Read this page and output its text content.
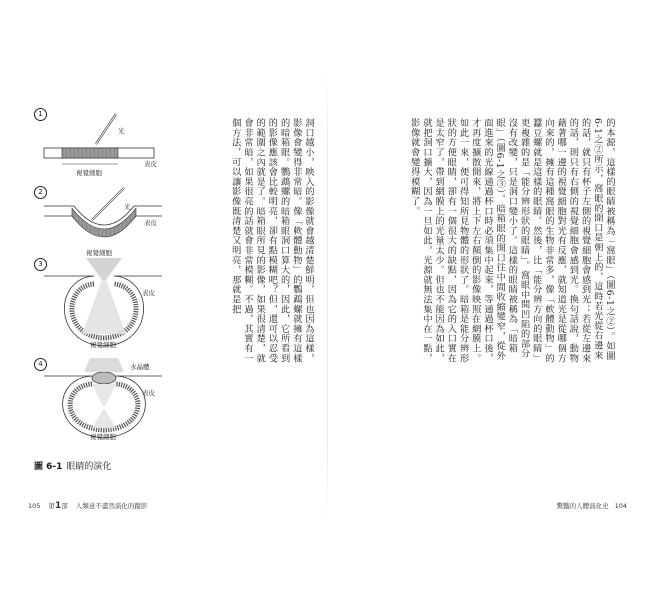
的本源，這樣的眼睛被稱為「窩眼」（圖6-1之②）。如圖6-1之②所示，窩眼的開口是朝上的，這時若光從右邊來的話，就只有杯子左側的視覺細胞會感到光；若從左邊來的話，則只有右側的視覺細胞會感到光。換句話說，動物藉著哪一邊的視覺細胞對光有反應，就知道光是從哪個方向來的，擁有這種窩眼的生物非常多，像「軟體動物」的蠶豆螺就是這樣的眼睛。然後，比「能分辨方向的眼睛」更複雜的是「能分辨形狀的眼睛」。窩眼中間凹陷的部分沒有改變，只是洞口變小了。這樣的眼睛被稱為「暗箱眼」（圖6-1之③）。暗箱眼的開口往中間收縮變窄，從外面進來的光線通過杯口時必須集中起來，等通過杯口後，才再度擴散開來，將上下左右顛倒的影像映照在網膜上。如此一來，便可得知所見物體的形狀了。暗箱是能分辨形狀的方便眼睛，卻有一個很大的缺點，因為它的入口實在是太窄了，帶到網膜上的光量太少。但也不能因為如此，就把洞口擴大，因為一旦如此，光源就無法集中在一點，影像就會變得模糊了。
洞口越小，映入的影像就會越清楚鮮明，但也因為這樣，影像會變得非常暗。像「軟體動物」的鸚鵡螺就擁有這樣的暗箱眼。鸚鵡螺的暗箱眼洞口算大的，因此，它所看到的影像應該會比較明亮，卻有點模糊吧？但，還可以忍受的範圍之內就是了。暗箱眼所見的影像，如果很清楚，就會非常暗，如果很亮的話就會非常模糊。不過，其實有一個方法，可以讓影像既清楚又明亮，那就是把
1
2
3
4
光
表皮
視覺細胞
光
表皮
視覺細胞
表皮
視覺細胞
水晶體
表皮
視覺細胞
圖 6-1 眼睛的演化
105 第1部 人類意不盡然演化的蹤影	驚豔的人體演化史 104
